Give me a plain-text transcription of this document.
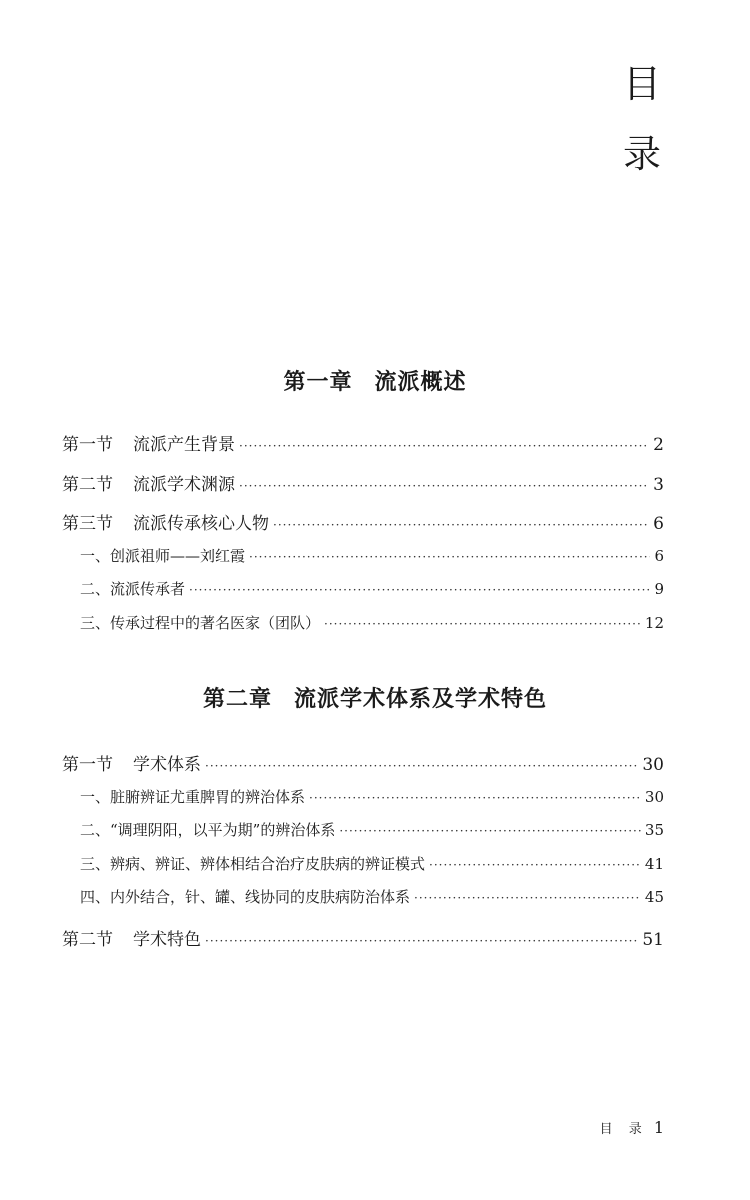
目
录
第一章 流派概述
第一节 流派产生背景 ·····	2
第二节 流派学术渊源 ·····	3
第三节 流派传承核心人物 ·····	6
一、创派祖师——刘红霞 ·····	6
二、流派传承者 ·····	9
三、传承过程中的著名医家（团队） ·····	12
第二章 流派学术体系及学术特色
第一节 学术体系 ·····	30
一、脏腑辨证尤重脾胃的辨治体系 ·····	30
二、“调理阴阳，以平为期”的辨治体系 ·····	35
三、辨病、辨证、辨体相结合治疗皮肤病的辨证模式 ·····	41
四、内外结合，针、罐、线协同的皮肤病防治体系 ·····	45
第二节 学术特色 ·····	51
目 录 1
